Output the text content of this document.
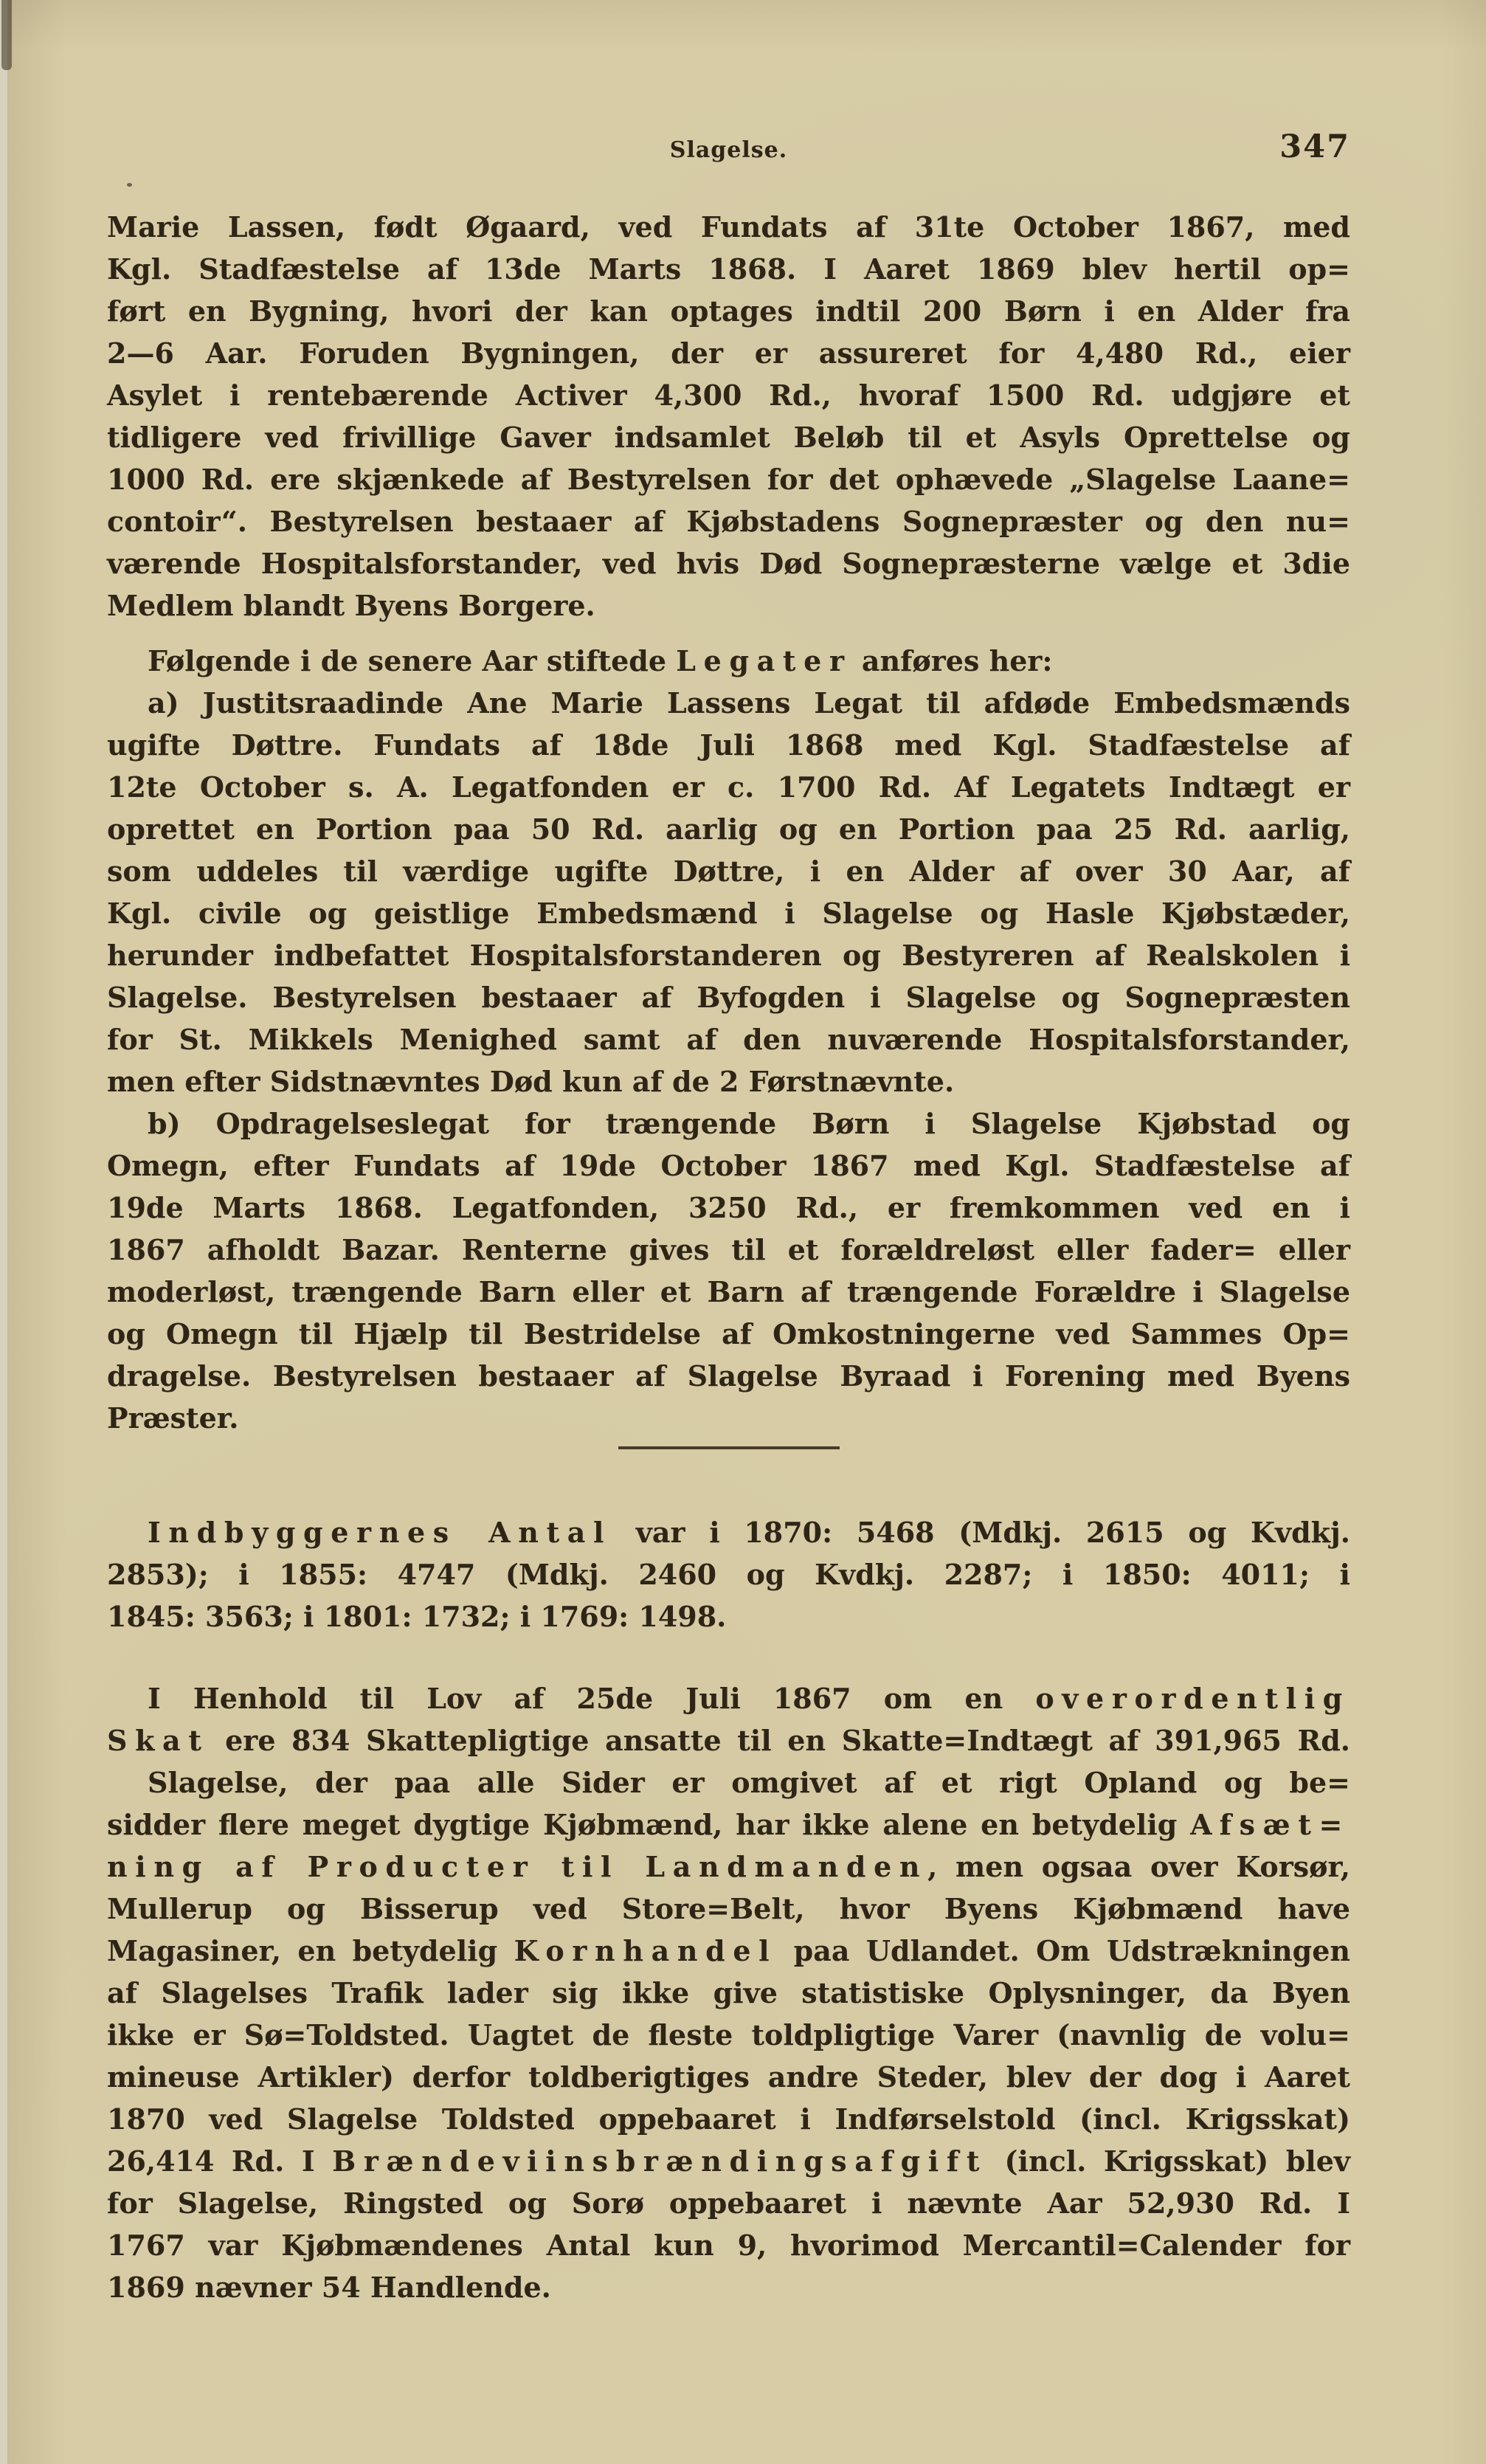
Slagelse.	347
Marie Lassen, født Øgaard, ved Fundats af 31te October 1867, med
Kgl. Stadfæstelse af 13de Marts 1868. I Aaret 1869 blev hertil op=
ført en Bygning, hvori der kan optages indtil 200 Børn i en Alder fra
2—6 Aar. Foruden Bygningen, der er assureret for 4,480 Rd., eier
Asylet i rentebærende Activer 4,300 Rd., hvoraf 1500 Rd. udgjøre et
tidligere ved frivillige Gaver indsamlet Beløb til et Asyls Oprettelse og
1000 Rd. ere skjænkede af Bestyrelsen for det ophævede „Slagelse Laane=
contoir“. Bestyrelsen bestaaer af Kjøbstadens Sognepræster og den nu=
værende Hospitalsforstander, ved hvis Død Sognepræsterne vælge et 3die
Medlem blandt Byens Borgere.
Følgende i de senere Aar stiftede Legater anføres her:
a) Justitsraadinde Ane Marie Lassens Legat til afdøde Embedsmænds
ugifte Døttre. Fundats af 18de Juli 1868 med Kgl. Stadfæstelse af
12te October s. A. Legatfonden er c. 1700 Rd. Af Legatets Indtægt er
oprettet en Portion paa 50 Rd. aarlig og en Portion paa 25 Rd. aarlig,
som uddeles til værdige ugifte Døttre, i en Alder af over 30 Aar, af
Kgl. civile og geistlige Embedsmænd i Slagelse og Hasle Kjøbstæder,
herunder indbefattet Hospitalsforstanderen og Bestyreren af Realskolen i
Slagelse. Bestyrelsen bestaaer af Byfogden i Slagelse og Sognepræsten
for St. Mikkels Menighed samt af den nuværende Hospitalsforstander,
men efter Sidstnævntes Død kun af de 2 Førstnævnte.
b) Opdragelseslegat for trængende Børn i Slagelse Kjøbstad og
Omegn, efter Fundats af 19de October 1867 med Kgl. Stadfæstelse af
19de Marts 1868. Legatfonden, 3250 Rd., er fremkommen ved en i
1867 afholdt Bazar. Renterne gives til et forældreløst eller fader= eller
moderløst, trængende Barn eller et Barn af trængende Forældre i Slagelse
og Omegn til Hjælp til Bestridelse af Omkostningerne ved Sammes Op=
dragelse. Bestyrelsen bestaaer af Slagelse Byraad i Forening med Byens
Præster.
Indbyggernes Antal var i 1870: 5468 (Mdkj. 2615 og Kvdkj.
2853); i 1855: 4747 (Mdkj. 2460 og Kvdkj. 2287; i 1850: 4011; i
1845: 3563; i 1801: 1732; i 1769: 1498.
I Henhold til Lov af 25de Juli 1867 om en overordentlig
Skat ere 834 Skattepligtige ansatte til en Skatte=Indtægt af 391,965 Rd.
Slagelse, der paa alle Sider er omgivet af et rigt Opland og be=
sidder flere meget dygtige Kjøbmænd, har ikke alene en betydelig Afsæt=
ning af Producter til Landmanden, men ogsaa over Korsør,
Mullerup og Bisserup ved Store=Belt, hvor Byens Kjøbmænd have
Magasiner, en betydelig Kornhandel paa Udlandet. Om Udstrækningen
af Slagelses Trafik lader sig ikke give statistiske Oplysninger, da Byen
ikke er Sø=Toldsted. Uagtet de fleste toldpligtige Varer (navnlig de volu=
mineuse Artikler) derfor toldberigtiges andre Steder, blev der dog i Aaret
1870 ved Slagelse Toldsted oppebaaret i Indførselstold (incl. Krigsskat)
26,414 Rd. I Brændeviinsbrændingsafgift (incl. Krigsskat) blev
for Slagelse, Ringsted og Sorø oppebaaret i nævnte Aar 52,930 Rd. I
1767 var Kjøbmændenes Antal kun 9, hvorimod Mercantil=Calender for
1869 nævner 54 Handlende.
